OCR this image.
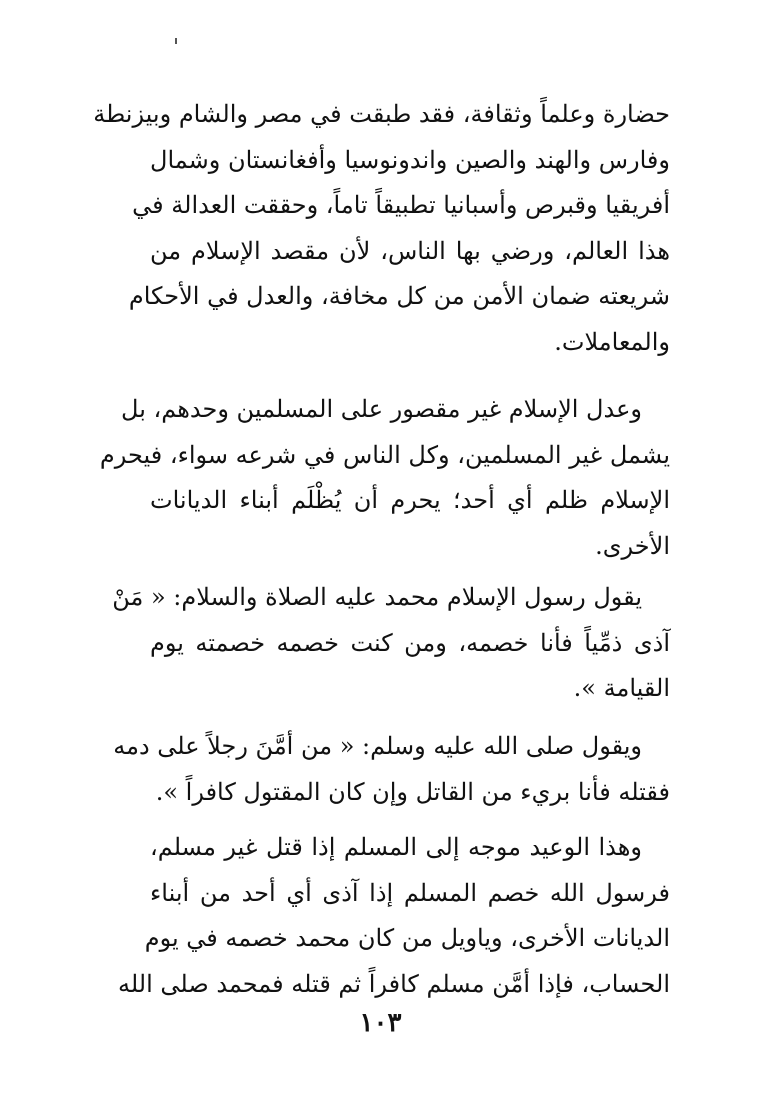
حضارة وعلماً وثقافة، فقد طبقت في مصر والشام وبيزنطة
وفارس والهند والصين واندونوسيا وأفغانستان وشمال
أفريقيا وقبرص وأسبانيا تطبيقاً تاماً، وحققت العدالة في
هذا العالم، ورضي بها الناس، لأن مقصد الإسلام من
شريعته ضمان الأمن من كل مخافة، والعدل في الأحكام
والمعاملات.
وعدل الإسلام غير مقصور على المسلمين وحدهم، بل
يشمل غير المسلمين، وكل الناس في شرعه سواء، فيحرم
الإسلام ظلم أي أحد؛ يحرم أن يُظْلَم أبناء الديانات
الأخرى.
يقول رسول الإسلام محمد عليه الصلاة والسلام: « مَنْ
آذى ذمِّياً فأنا خصمه، ومن كنت خصمه خصمته يوم
القيامة ».
ويقول صلى الله عليه وسلم: « من أمَّنَ رجلاً على دمه
فقتله فأنا بريء من القاتل وإن كان المقتول كافراً ».
وهذا الوعيد موجه إلى المسلم إذا قتل غير مسلم،
فرسول الله خصم المسلم إذا آذى أي أحد من أبناء
الديانات الأخرى، وياويل من كان محمد خصمه في يوم
الحساب، فإذا أمَّن مسلم كافراً ثم قتله فمحمد صلى الله
١٠٣
